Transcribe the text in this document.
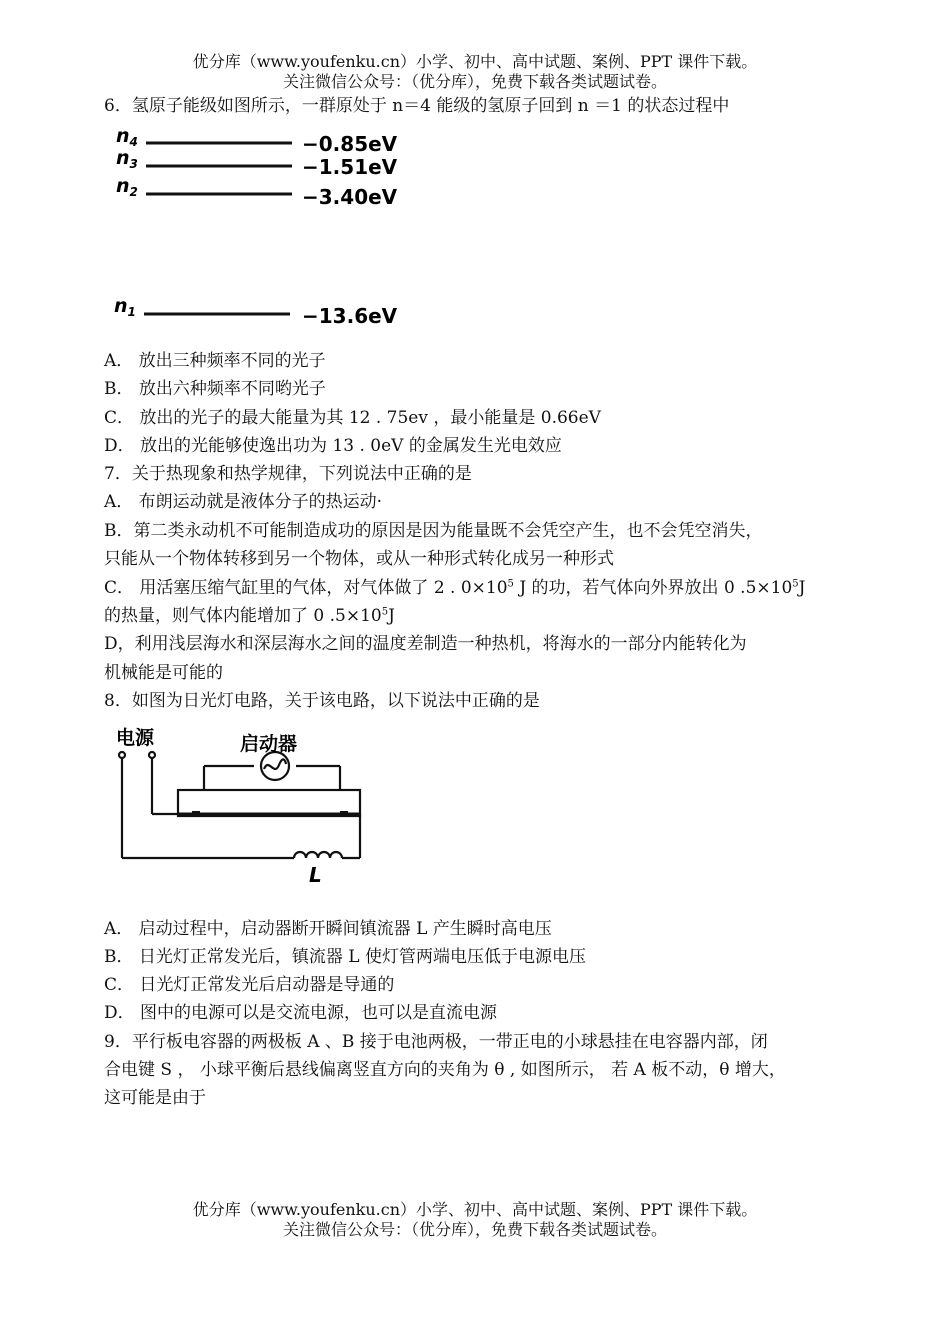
优分库（www.youfenku.cn）小学、初中、高中试题、案例、PPT 课件下载。
关注微信公众号：（优分库），免费下载各类试题试卷。
6．氢原子能级如图所示，一群原处于 n＝4 能级的氢原子回到 n ＝1 的状态过程中
$n_4$	−0.85eV
$n_3$	−1.51eV
$n_2$	−3.40eV
$n_1$	−13.6eV
A． 放出三种频率不同的光子
B． 放出六种频率不同哟光子
C． 放出的光子的最大能量为其 12 . 75ev ，最小能量是 0.66eV
D． 放出的光能够使逸出功为 13 . 0eV 的金属发生光电效应
7．关于热现象和热学规律，下列说法中正确的是
A． 布朗运动就是液体分子的热运动·
B．第二类永动机不可能制造成功的原因是因为能量既不会凭空产生，也不会凭空消失，
只能从一个物体转移到另一个物体，或从一种形式转化成另一种形式
C． 用活塞压缩气缸里的气体，对气体做了 2 . $0\times 10^5$ J 的功，若气体向外界放出 0 $.5\times 10^5J$
的热量，则气体内能增加了 0 $.5\times 10^5J$
D，利用浅层海水和深层海水之间的温度差制造一种热机，将海水的一部分内能转化为
机械能是可能的
8．如图为日光灯电路，关于该电路，以下说法中正确的是
电源	启动器
L
A． 启动过程中，启动器断开瞬间镇流器 L 产生瞬时高电压
B． 日光灯正常发光后，镇流器 L 使灯管两端电压低于电源电压
C． 日光灯正常发光后启动器是导通的
D． 图中的电源可以是交流电源，也可以是直流电源
9．平行板电容器的两极板 A 、B 接于电池两极，一带正电的小球悬挂在电容器内部，闭
合电键 S ， 小球平衡后悬线偏离竖直方向的夹角为 θ , 如图所示， 若 A 板不动，θ 增大，
这可能是由于
优分库（www.youfenku.cn）小学、初中、高中试题、案例、PPT 课件下载。
关注微信公众号：（优分库），免费下载各类试题试卷。
